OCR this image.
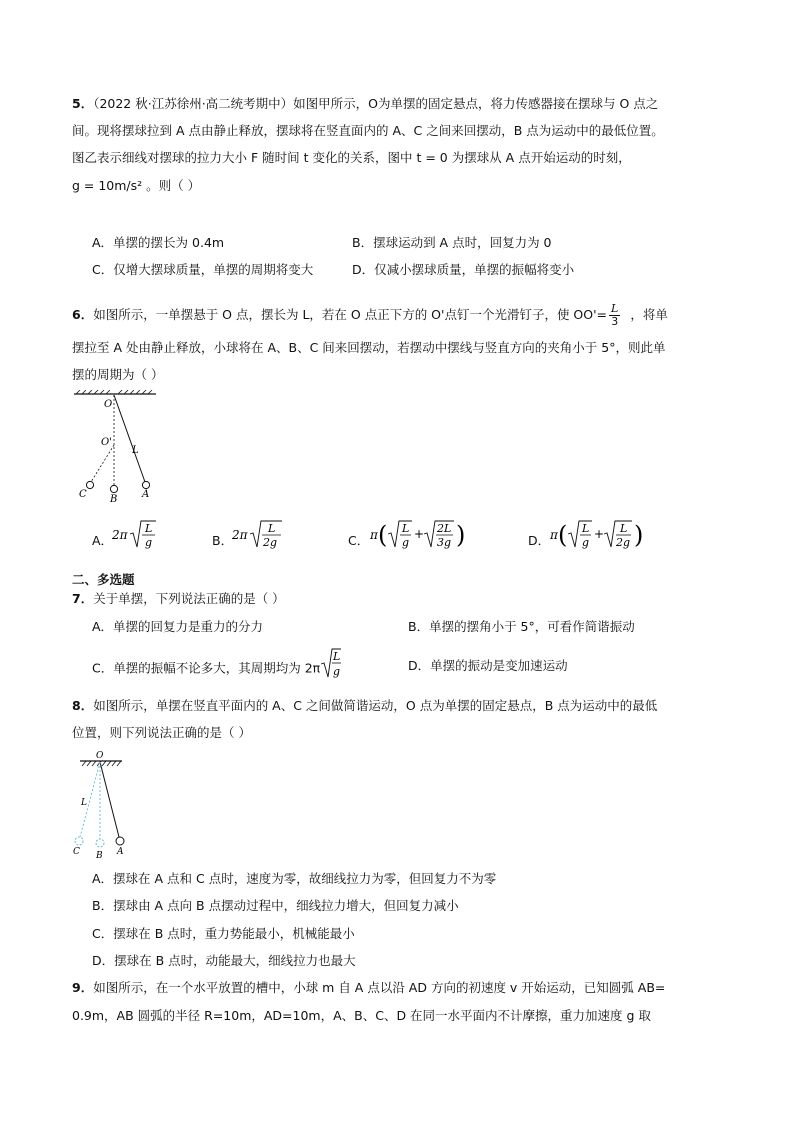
5．（2022 秋·江苏徐州·高二统考期中）如图甲所示，O为单摆的固定悬点，将力传感器接在摆球与 O 点之
间。现将摆球拉到 A 点由静止释放，摆球将在竖直面内的 A、C 之间来回摆动，B 点为运动中的最低位置。
图乙表示细线对摆球的拉力大小 F 随时间 t 变化的关系，图中 t = 0 为摆球从 A 点开始运动的时刻，
g = 10m/s² 。则（ ）
A．单摆的摆长为 0.4m	B．摆球运动到 A 点时，回复力为 0
C．仅增大摆球质量，单摆的周期将变大	D．仅减小摆球质量，单摆的振幅将变小
6．如图所示，一单摆悬于 O 点，摆长为 L，若在 O 点正下方的 O'点钉一个光滑钉子，使 $OO'= \frac{L}{3}$ ，将单
摆拉至 A 处由静止释放，小球将在 A、B、C 间来回摆动，若摆动中摆线与竖直方向的夹角小于 5°，则此单
摆的周期为（ ）
O
O'
L
C B A
A．
2π L
g	B．
2π L
2g	C． π ( L
g
+ 2L
3g )	D． π ( L
g
+ L
2g )
二、多选题
7．关于单摆，下列说法正确的是（ ）
A．单摆的回复力是重力的分力	B．单摆的摆角小于 5°，可看作简谐振动
C．单摆的振幅不论多大，其周期均为 2π
L
g	D．单摆的振动是变加速运动
8．如图所示，单摆在竖直平面内的 A、C 之间做简谐运动，O 点为单摆的固定悬点，B 点为运动中的最低
位置，则下列说法正确的是（ ）
O
L
C B A
A．摆球在 A 点和 C 点时，速度为零，故细线拉力为零，但回复力不为零
B．摆球由 A 点向 B 点摆动过程中，细线拉力增大，但回复力减小
C．摆球在 B 点时，重力势能最小，机械能最小
D．摆球在 B 点时，动能最大，细线拉力也最大
9．如图所示，在一个水平放置的槽中，小球 m 自 A 点以沿 AD 方向的初速度 v 开始运动，已知圆弧 AB=
0.9m，AB 圆弧的半径 R=10m，AD=10m，A、B、C、D 在同一水平面内不计摩擦，重力加速度 g 取
